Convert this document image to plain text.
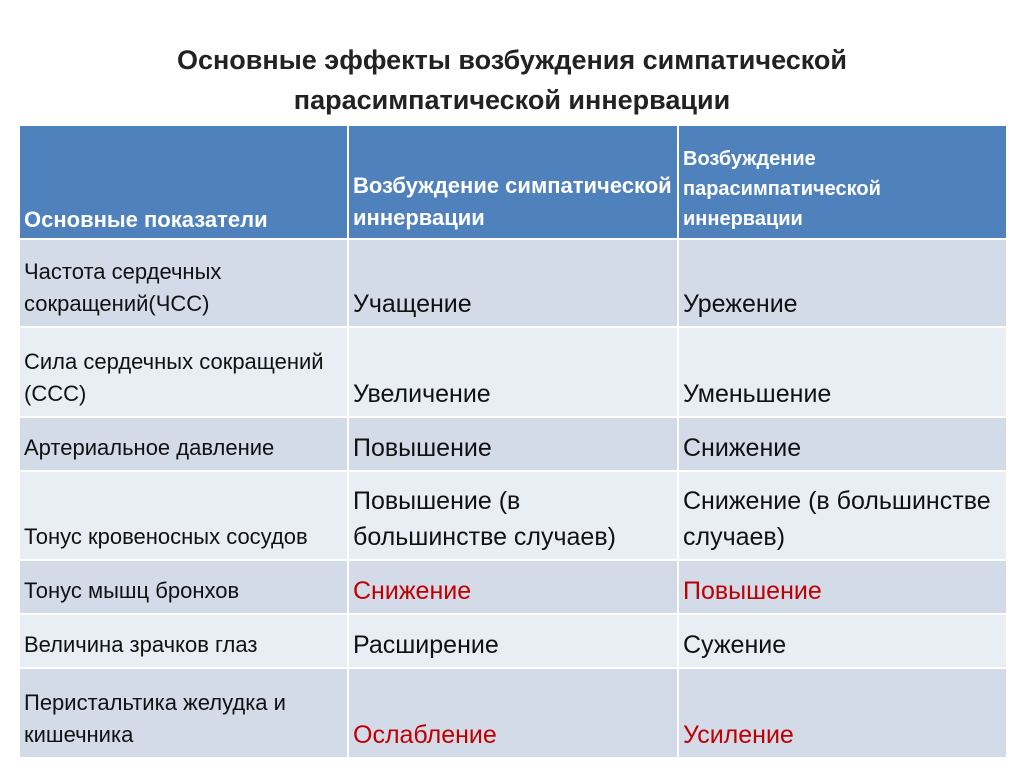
Основные эффекты возбуждения симпатической
парасимпатической иннервации
Основные показатели	Возбуждение симпатической иннервации	Возбуждение парасимпатической иннервации
Частота сердечных сокращений(ЧСС)	Учащение	Урежение
Сила сердечных сокращений (ССС)	Увеличение	Уменьшение
Артериальное давление	Повышение	Снижение
Тонус кровеносных сосудов	Повышение (в большинстве случаев)	Снижение (в большинстве случаев)
Тонус мышц бронхов	Снижение	Повышение
Величина зрачков глаз	Расширение	Сужение
Перистальтика желудка и кишечника	Ослабление	Усиление
